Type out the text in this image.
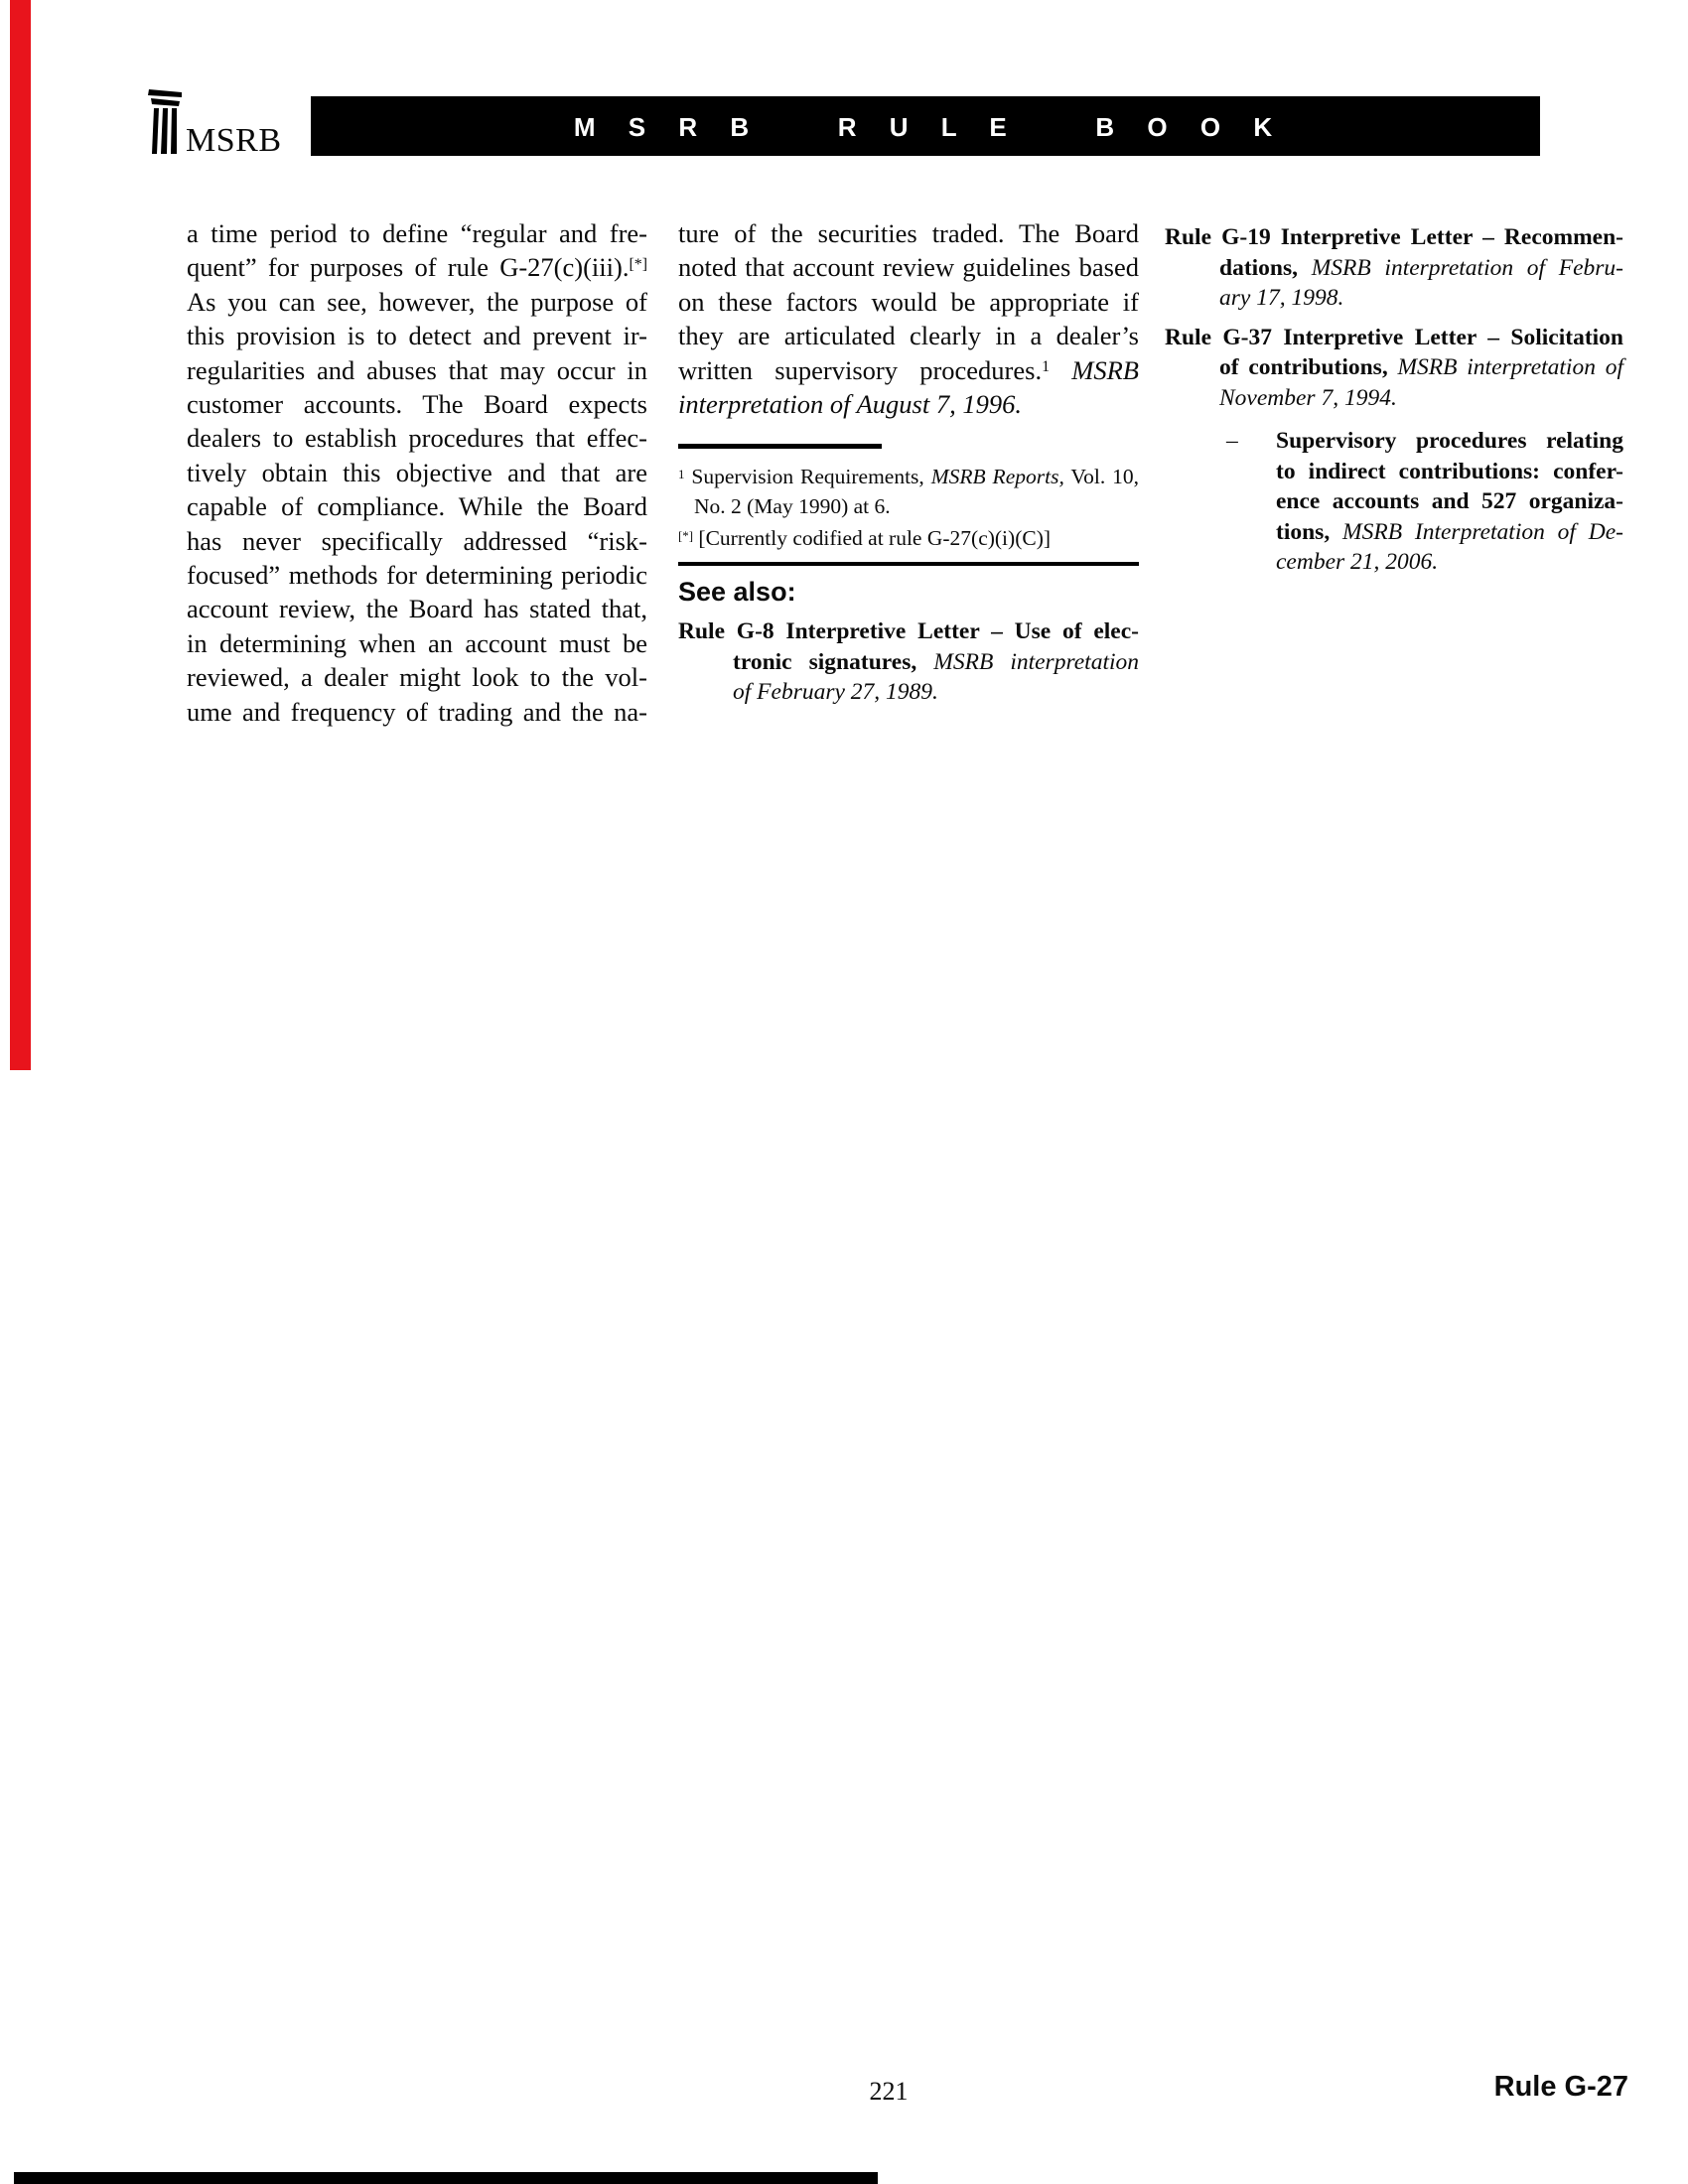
MSRB	M S R B   R U L E   B O O K
a time period to define “regular and fre-
quent” for purposes of rule G-27(c)(iii).[*]
As you can see, however, the purpose of
this provision is to detect and prevent ir-
regularities and abuses that may occur in
customer accounts. The Board expects
dealers to establish procedures that effec-
tively obtain this objective and that are
capable of compliance. While the Board
has never specifically addressed “risk-
focused” methods for determining periodic
account review, the Board has stated that,
in determining when an account must be
reviewed, a dealer might look to the vol-
ume and frequency of trading and the na-
ture of the securities traded. The Board
noted that account review guidelines based
on these factors would be appropriate if
they are articulated clearly in a dealer’s
written supervisory procedures.$^1$ MSRB
interpretation of August 7, 1996.
$^1$ Supervision Requirements, MSRB Reports, Vol. 10,
No. 2 (May 1990) at 6.
[*] [Currently codified at rule G-27(c)(i)(C)]
See also:
Rule G-8 Interpretive Letter – Use of elec-
tronic signatures, MSRB interpretation
of February 27, 1989.
Rule G-19 Interpretive Letter – Recommen-
dations, MSRB interpretation of Febru-
ary 17, 1998.
Rule G-37 Interpretive Letter – Solicitation
of contributions, MSRB interpretation of
November 7, 1994.
– Supervisory procedures relating
to indirect contributions: confer-
ence accounts and 527 organiza-
tions, MSRB Interpretation of De-
cember 21, 2006.
221	Rule G-27
